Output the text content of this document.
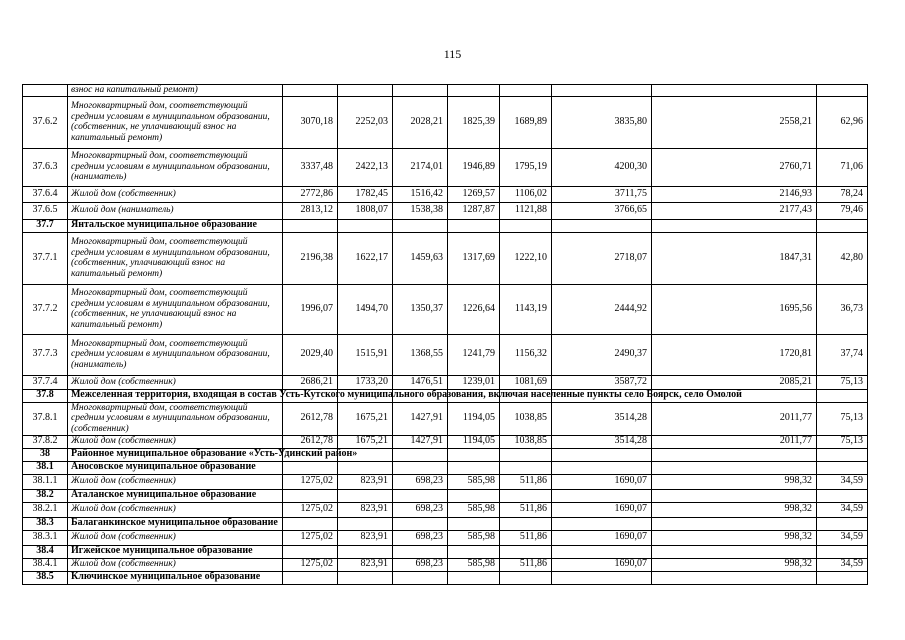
115
	взнос на капитальный ремонт)								
37.6.2	Многоквартирный дом, соответствующий средним условиям в муниципальном образовании, (собственник, не уплачивающий взнос на капитальный ремонт)	3070,18	2252,03	2028,21	1825,39	1689,89	3835,80	2558,21	62,96
37.6.3	Многоквартирный дом, соответствующий средним условиям в муниципальном образовании, (наниматель)	3337,48	2422,13	2174,01	1946,89	1795,19	4200,30	2760,71	71,06
37.6.4	Жилой дом (собственник)	2772,86	1782,45	1516,42	1269,57	1106,02	3711,75	2146,93	78,24
37.6.5	Жилой дом (наниматель)	2813,12	1808,07	1538,38	1287,87	1121,88	3766,65	2177,43	79,46
37.7	Янтальское муниципальное образование								
37.7.1	Многоквартирный дом, соответствующий средним условиям в муниципальном образовании, (собственник, уплачивающий взнос на капитальный ремонт)	2196,38	1622,17	1459,63	1317,69	1222,10	2718,07	1847,31	42,80
37.7.2	Многоквартирный дом, соответствующий средним условиям в муниципальном образовании, (собственник, не уплачивающий взнос на капитальный ремонт)	1996,07	1494,70	1350,37	1226,64	1143,19	2444,92	1695,56	36,73
37.7.3	Многоквартирный дом, соответствующий средним условиям в муниципальном образовании, (наниматель)	2029,40	1515,91	1368,55	1241,79	1156,32	2490,37	1720,81	37,74
37.7.4	Жилой дом (собственник)	2686,21	1733,20	1476,51	1239,01	1081,69	3587,72	2085,21	75,13
37.8	Межселенная территория, входящая в состав Усть-Кутского муниципального образования, включая населенные пункты село Боярск, село Омолой								
37.8.1	Многоквартирный дом, соответствующий средним условиям в муниципальном образовании, (собственник)	2612,78	1675,21	1427,91	1194,05	1038,85	3514,28	2011,77	75,13
37.8.2	Жилой дом (собственник)	2612,78	1675,21	1427,91	1194,05	1038,85	3514,28	2011,77	75,13
38	Районное муниципальное образование «Усть-Удинский район»								
38.1	Аносовское муниципальное образование								
38.1.1	Жилой дом (собственник)	1275,02	823,91	698,23	585,98	511,86	1690,07	998,32	34,59
38.2	Аталанское муниципальное образование								
38.2.1	Жилой дом (собственник)	1275,02	823,91	698,23	585,98	511,86	1690,07	998,32	34,59
38.3	Балаганкинское муниципальное образование								
38.3.1	Жилой дом (собственник)	1275,02	823,91	698,23	585,98	511,86	1690,07	998,32	34,59
38.4	Игжейское муниципальное образование								
38.4.1	Жилой дом (собственник)	1275,02	823,91	698,23	585,98	511,86	1690,07	998,32	34,59
38.5	Ключинское муниципальное образование								
